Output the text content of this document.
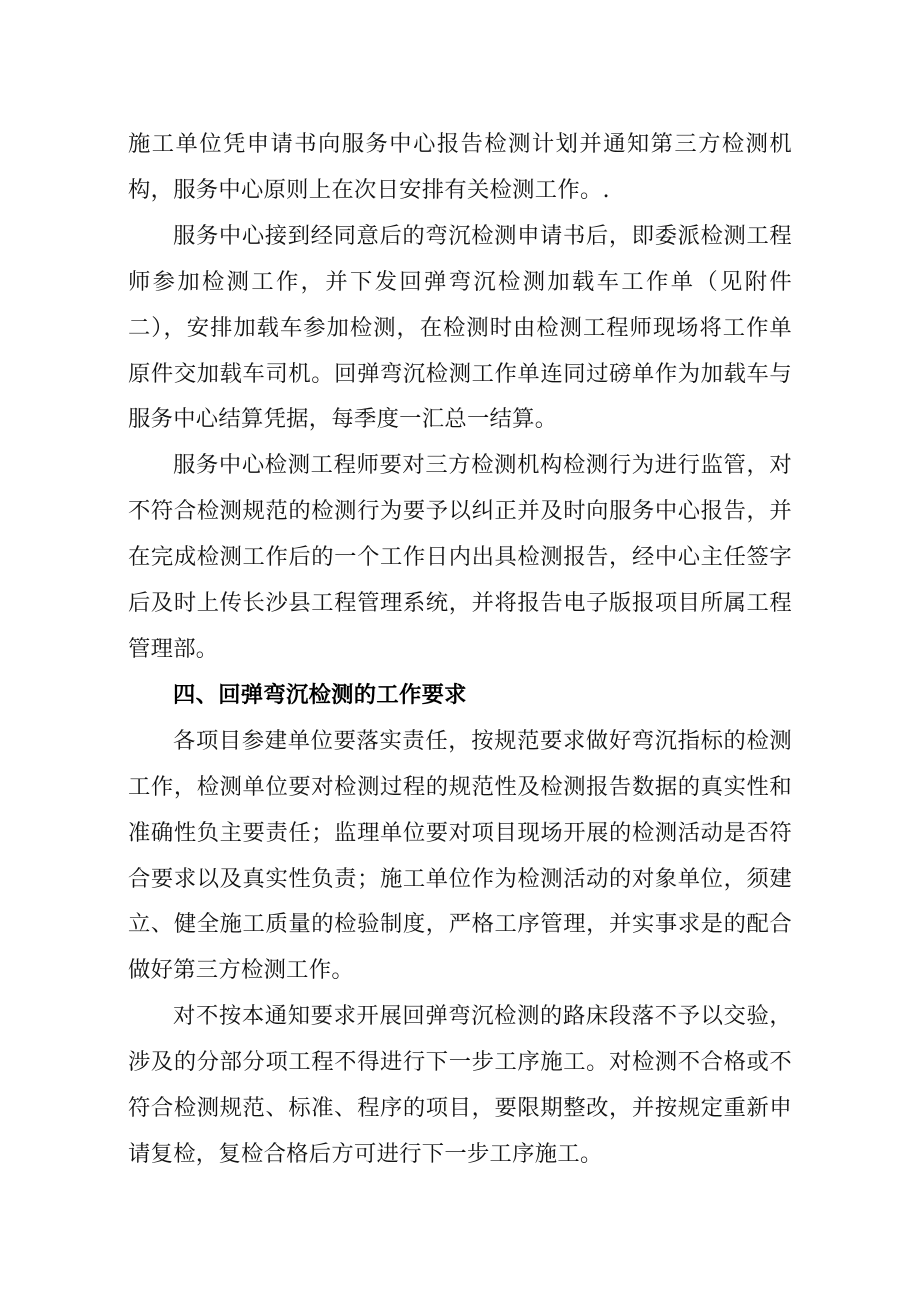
施工单位凭申请书向服务中心报告检测计划并通知第三方检测机构，服务中心原则上在次日安排有关检测工作。.

服务中心接到经同意后的弯沉检测申请书后，即委派检测工程师参加检测工作，并下发回弹弯沉检测加载车工作单（见附件二），安排加载车参加检测，在检测时由检测工程师现场将工作单原件交加载车司机。回弹弯沉检测工作单连同过磅单作为加载车与服务中心结算凭据，每季度一汇总一结算。

服务中心检测工程师要对三方检测机构检测行为进行监管，对不符合检测规范的检测行为要予以纠正并及时向服务中心报告，并在完成检测工作后的一个工作日内出具检测报告，经中心主任签字后及时上传长沙县工程管理系统，并将报告电子版报项目所属工程管理部。

四、回弹弯沉检测的工作要求

各项目参建单位要落实责任，按规范要求做好弯沉指标的检测工作，检测单位要对检测过程的规范性及检测报告数据的真实性和准确性负主要责任；监理单位要对项目现场开展的检测活动是否符合要求以及真实性负责；施工单位作为检测活动的对象单位，须建立、健全施工质量的检验制度，严格工序管理，并实事求是的配合做好第三方检测工作。

对不按本通知要求开展回弹弯沉检测的路床段落不予以交验，涉及的分部分项工程不得进行下一步工序施工。对检测不合格或不符合检测规范、标准、程序的项目，要限期整改，并按规定重新申请复检，复检合格后方可进行下一步工序施工。
